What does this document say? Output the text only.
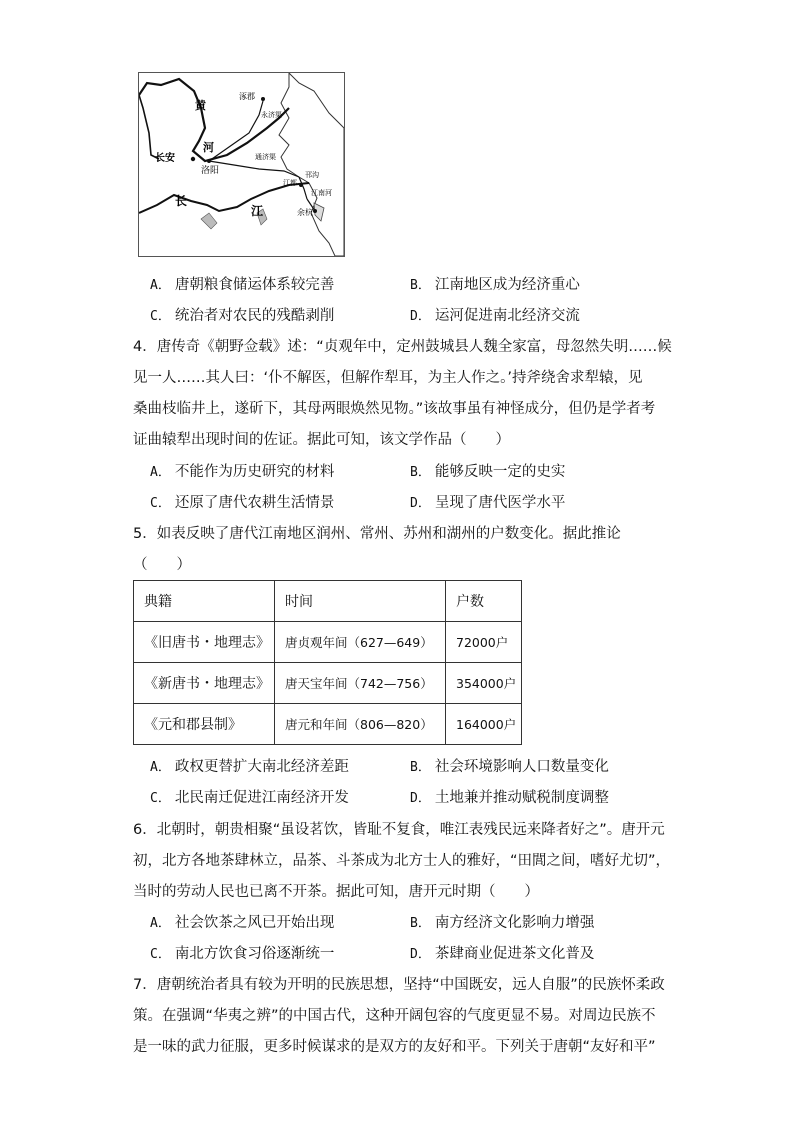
黄
河
长安
洛阳
涿郡
永济渠
通济渠
江都
邗沟
江南河
余杭
长
江
A． 唐朝粮食储运体系较完善	B． 江南地区成为经济重心
C． 统治者对农民的残酷剥削	D． 运河促进南北经济交流
4．唐传奇《朝野佥载》述：“贞观年中，定州鼓城县人魏全家富，母忽然失明……候
见一人……其人曰：‘仆不解医，但解作犁耳，为主人作之。’持斧绕舍求犁辕，见
桑曲枝临井上，遂斫下，其母两眼焕然见物。”该故事虽有神怪成分，但仍是学者考
证曲辕犁出现时间的佐证。据此可知，该文学作品（　　）
A． 不能作为历史研究的材料	B． 能够反映一定的史实
C． 还原了唐代农耕生活情景	D． 呈现了唐代医学水平
5．如表反映了唐代江南地区润州、常州、苏州和湖州的户数变化。据此推论
（　　）
典籍	时间	户数
《旧唐书・地理志》	唐贞观年间（627—649）	72000户
《新唐书・地理志》	唐天宝年间（742—756）	354000户
《元和郡县制》	唐元和年间（806—820）	164000户
A． 政权更替扩大南北经济差距	B． 社会环境影响人口数量变化
C． 北民南迁促进江南经济开发	D． 土地兼并推动赋税制度调整
6．北朝时，朝贵相聚“虽设茗饮，皆耻不复食，唯江表残民远来降者好之”。唐开元
初，北方各地茶肆林立，品茶、斗茶成为北方士人的雅好，“田閭之间，嗜好尤切”，
当时的劳动人民也已离不开茶。据此可知，唐开元时期（　　）
A． 社会饮茶之风已开始出现	B． 南方经济文化影响力增强
C． 南北方饮食习俗逐渐统一	D． 茶肆商业促进茶文化普及
7．唐朝统治者具有较为开明的民族思想，坚持“中国既安，远人自服”的民族怀柔政
策。在强调“华夷之辨”的中国古代，这种开阔包容的气度更显不易。对周边民族不
是一味的武力征服，更多时候谋求的是双方的友好和平。下列关于唐朝“友好和平”
